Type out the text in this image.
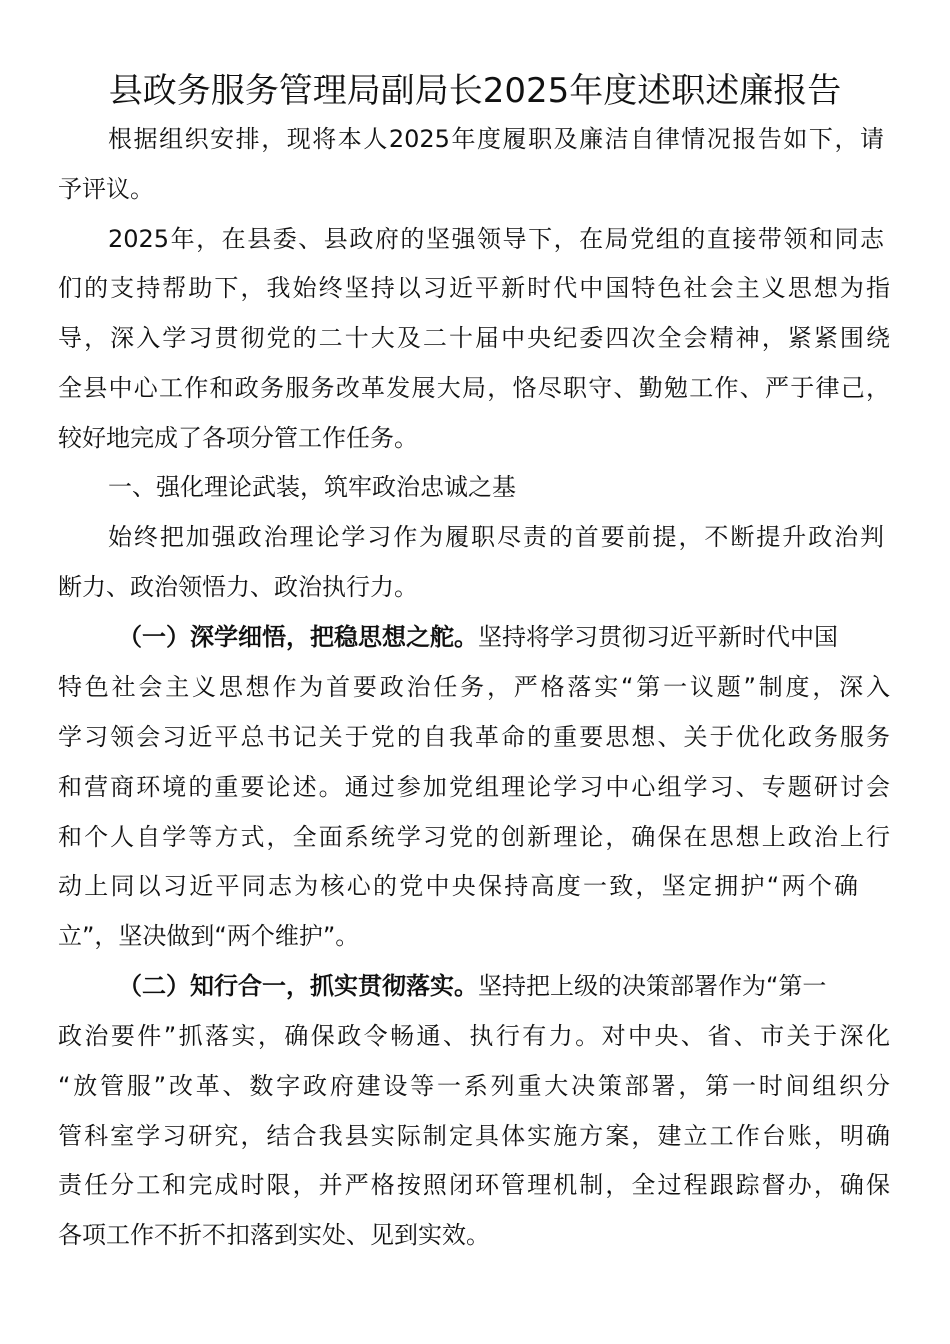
县政务服务管理局副局长2025年度述职述廉报告
根据组织安排，现将本人2025年度履职及廉洁自律情况报告如下，请
予评议。
2025年，在县委、县政府的坚强领导下，在局党组的直接带领和同志
们的支持帮助下，我始终坚持以习近平新时代中国特色社会主义思想为指
导，深入学习贯彻党的二十大及二十届中央纪委四次全会精神，紧紧围绕
全县中心工作和政务服务改革发展大局，恪尽职守、勤勉工作、严于律己，
较好地完成了各项分管工作任务。
一、强化理论武装，筑牢政治忠诚之基
始终把加强政治理论学习作为履职尽责的首要前提，不断提升政治判
断力、政治领悟力、政治执行力。
（一）深学细悟，把稳思想之舵。坚持将学习贯彻习近平新时代中国
特色社会主义思想作为首要政治任务，严格落实“第一议题”制度，深入
学习领会习近平总书记关于党的自我革命的重要思想、关于优化政务服务
和营商环境的重要论述。通过参加党组理论学习中心组学习、专题研讨会
和个人自学等方式，全面系统学习党的创新理论，确保在思想上政治上行
动上同以习近平同志为核心的党中央保持高度一致，坚定拥护“两个确
立”，坚决做到“两个维护”。
（二）知行合一，抓实贯彻落实。坚持把上级的决策部署作为“第一
政治要件”抓落实，确保政令畅通、执行有力。对中央、省、市关于深化
“放管服”改革、数字政府建设等一系列重大决策部署，第一时间组织分
管科室学习研究，结合我县实际制定具体实施方案，建立工作台账，明确
责任分工和完成时限，并严格按照闭环管理机制，全过程跟踪督办，确保
各项工作不折不扣落到实处、见到实效。
